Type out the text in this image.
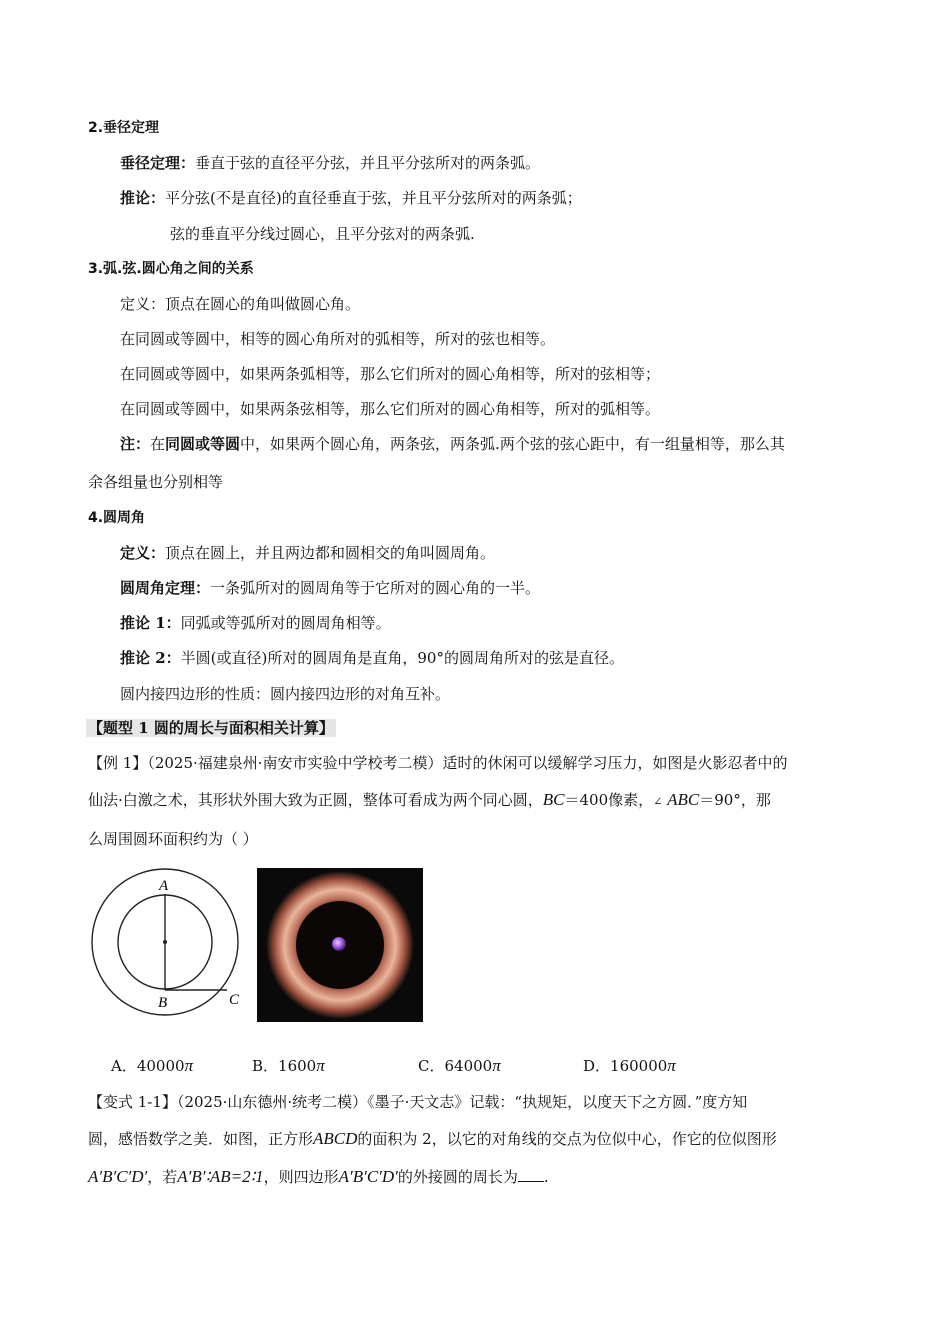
2.垂径定理
垂径定理：垂直于弦的直径平分弦，并且平分弦所对的两条弧。
推论：平分弦(不是直径)的直径垂直于弦，并且平分弦所对的两条弧；
弦的垂直平分线过圆心，且平分弦对的两条弧.
3.弧.弦.圆心角之间的关系
定义：顶点在圆心的角叫做圆心角。
在同圆或等圆中，相等的圆心角所对的弧相等，所对的弦也相等。
在同圆或等圆中，如果两条弧相等，那么它们所对的圆心角相等，所对的弦相等；
在同圆或等圆中，如果两条弦相等，那么它们所对的圆心角相等，所对的弧相等。
注：在同圆或等圆中，如果两个圆心角，两条弦，两条弧.两个弦的弦心距中，有一组量相等，那么其
余各组量也分别相等
4.圆周角
定义：顶点在圆上，并且两边都和圆相交的角叫圆周角。
圆周角定理：一条弧所对的圆周角等于它所对的圆心角的一半。
推论 1：同弧或等弧所对的圆周角相等。
推论 2：半圆(或直径)所对的圆周角是直角，90°的圆周角所对的弦是直径。
圆内接四边形的性质：圆内接四边形的对角互补。
【题型 1 圆的周长与面积相关计算】
【例 1】（2025·福建泉州·南安市实验中学校考二模）适时的休闲可以缓解学习压力，如图是火影忍者中的
仙法·白激之术，其形状外围大致为正圆，整体可看成为两个同心圆，BC＝400像素，∠ ABC＝90°，那
么周围圆环面积约为（ ）
A
B	C
A．40000π	B．1600π	C．64000π	D．160000π
【变式 1-1】（2025·山东德州·统考二模）《墨子·天文志》记载：“执规矩，以度天下之方圆．”度方知
圆，感悟数学之美．如图，正方形ABCD的面积为 2，以它的对角线的交点为位似中心，作它的位似图形
A′B′C′D′，若A′B′∶AB=2∶1，则四边形A′B′C′D′的外接圆的周长为 .
